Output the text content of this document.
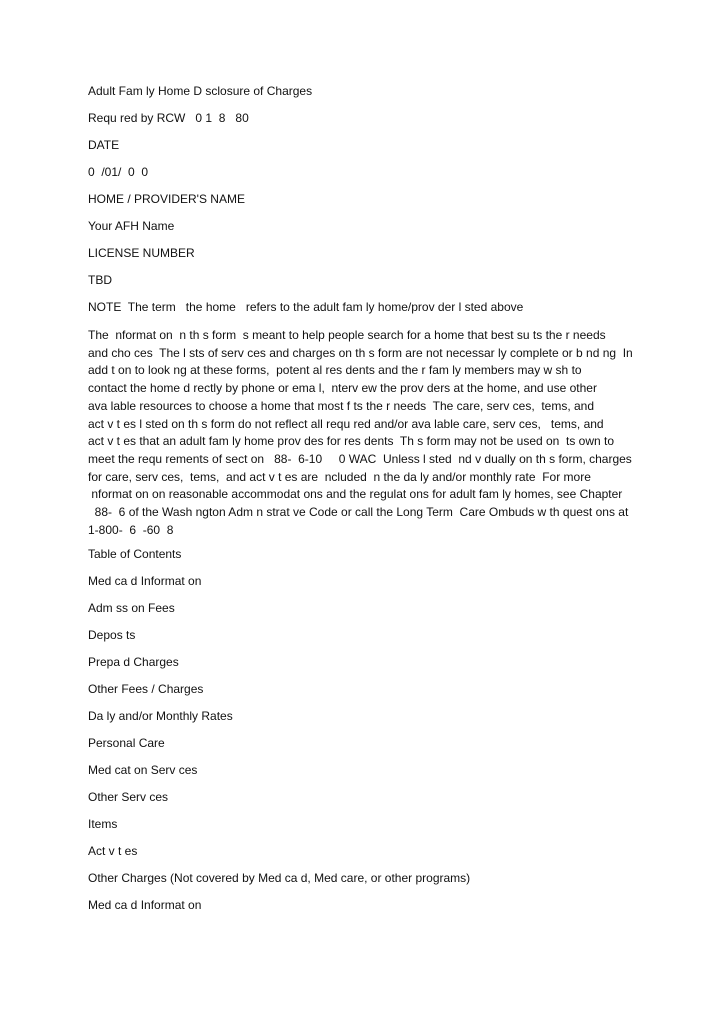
Adult Fam ly Home D sclosure of Charges
Requ red by RCW   0 1  8   80
DATE
0  /01/  0  0
HOME / PROVIDER'S NAME
Your AFH Name
LICENSE NUMBER
TBD
NOTE  The term   the home   refers to the adult fam ly home/prov der l sted above
The  nformat on  n th s form  s meant to help people search for a home that best su ts the r needs
and cho ces  The l sts of serv ces and charges on th s form are not necessar ly complete or b nd ng  In
add t on to look ng at these forms,  potent al res dents and the r fam ly members may w sh to
contact the home d rectly by phone or ema l,  nterv ew the prov ders at the home, and use other
ava lable resources to choose a home that most f ts the r needs  The care, serv ces,  tems, and
act v t es l sted on th s form do not reflect all requ red and/or ava lable care, serv ces,   tems, and
act v t es that an adult fam ly home prov des for res dents  Th s form may not be used on  ts own to
meet the requ rements of sect on   88-  6-10     0 WAC  Unless l sted  nd v dually on th s form, charges
for care, serv ces,  tems,  and act v t es are  ncluded  n the da ly and/or monthly rate  For more
nformat on on reasonable accommodat ons and the regulat ons for adult fam ly homes, see Chapter
88-  6 of the Wash ngton Adm n strat ve Code or call the Long Term  Care Ombuds w th quest ons at
1-800-  6  -60  8
Table of Contents
Med ca d Informat on
Adm ss on Fees
Depos ts
Prepa d Charges
Other Fees / Charges
Da ly and/or Monthly Rates
Personal Care
Med cat on Serv ces
Other Serv ces
Items
Act v t es
Other Charges (Not covered by Med ca d, Med care, or other programs)
Med ca d Informat on
